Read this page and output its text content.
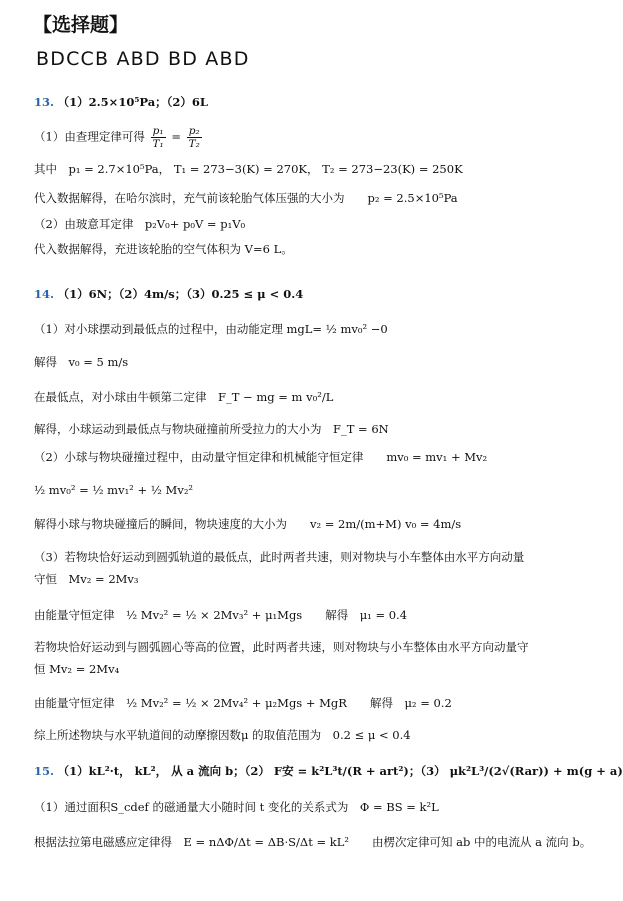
【选择题】
BDCCB ABD BD ABD
13. （1）2.5×10⁵Pa；（2）6L
（1）由查理定律可得 $\frac{\text{p₁}}{\text{T₁}} = \frac{\text{p₂}}{\text{T₂}}$
其中　p₁ = 2.7×10⁵Pa， T₁ = 273−3(K) = 270K， T₂ = 273−23(K) = 250K
代入数据解得，在哈尔滨时，充气前该轮胎气体压强的大小为　　p₂ = 2.5×10⁵Pa
（2）由玻意耳定律　p₂V₀+ p₀V = p₁V₀
代入数据解得，充进该轮胎的空气体积为 V=6 L。
14. （1）6N；（2）4m/s；（3）0.25 ≤ μ < 0.4
（1）对小球摆动到最低点的过程中，由动能定理 mgL= ½ mv₀² −0
解得　v₀ = 5 m/s
在最低点，对小球由牛顿第二定律　F_T − mg = m v₀²/L
解得，小球运动到最低点与物块碰撞前所受拉力的大小为　F_T = 6N
（2）小球与物块碰撞过程中，由动量守恒定律和机械能守恒定律　　mv₀ = mv₁ + Mv₂
½ mv₀² = ½ mv₁² + ½ Mv₂²
解得小球与物块碰撞后的瞬间，物块速度的大小为　　v₂ = 2m/(m+M) v₀ = 4m/s
（3）若物块恰好运动到圆弧轨道的最低点，此时两者共速，则对物块与小车整体由水平方向动量
守恒　Mv₂ = 2Mv₃
由能量守恒定律　½ Mv₂² = ½ × 2Mv₃² + μ₁Mgs　　解得　μ₁ = 0.4
若物块恰好运动到与圆弧圆心等高的位置，此时两者共速，则对物块与小车整体由水平方向动量守
恒 Mv₂ = 2Mv₄
由能量守恒定律　½ Mv₂² = ½ × 2Mv₄² + μ₂Mgs + MgR　　解得　μ₂ = 0.2
综上所述物块与水平轨道间的动摩擦因数μ 的取值范围为　0.2 ≤ μ < 0.4
15. （1）kL²·t， kL²， 从 a 流向 b；（2） F安 = k²L³t/(R + art²)；（3） μk²L³/(2√(Rar)) + m(g + a)
（1）通过面积S_cdef 的磁通量大小随时间 t 变化的关系式为　Φ = BS = k²L
根据法拉第电磁感应定律得　E = nΔΦ/Δt = ΔB·S/Δt = kL²　　由楞次定律可知 ab 中的电流从 a 流向 b。
